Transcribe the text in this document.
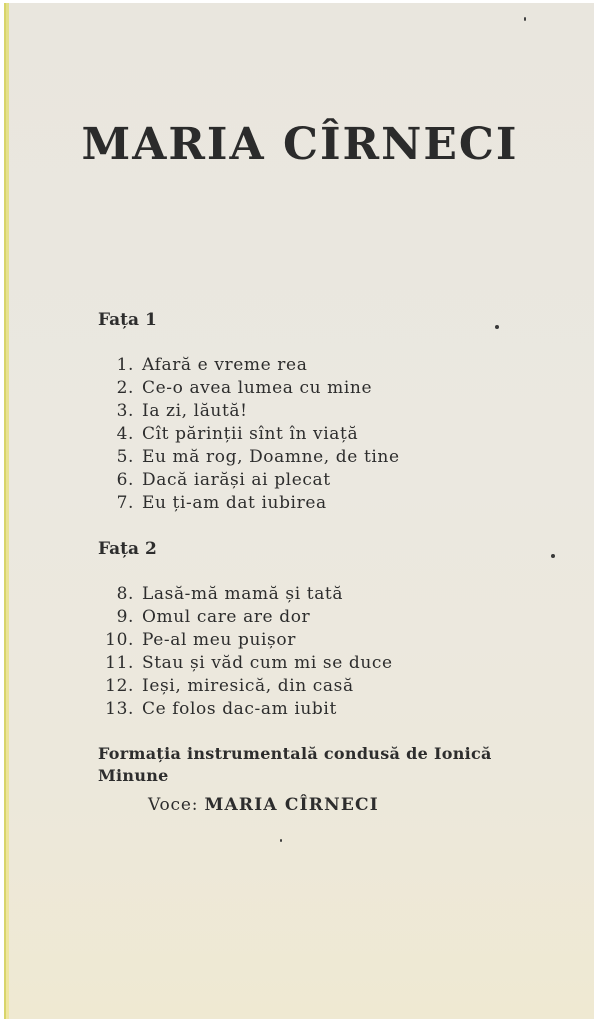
MARIA CÎRNECI
Fața 1
1. Afară e vreme rea
2. Ce-o avea lumea cu mine
3. Ia zi, lăută!
4. Cît părinții sînt în viață
5. Eu mă rog, Doamne, de tine
6. Dacă iarăși ai plecat
7. Eu ți-am dat iubirea
Fața 2
8. Lasă-mă mamă și tată
9. Omul care are dor
10. Pe-al meu puișor
11. Stau și văd cum mi se duce
12. Ieși, miresică, din casă
13. Ce folos dac-am iubit
Formația instrumentală condusă de Ionică Minune
Voce: MARIA CÎRNECI
